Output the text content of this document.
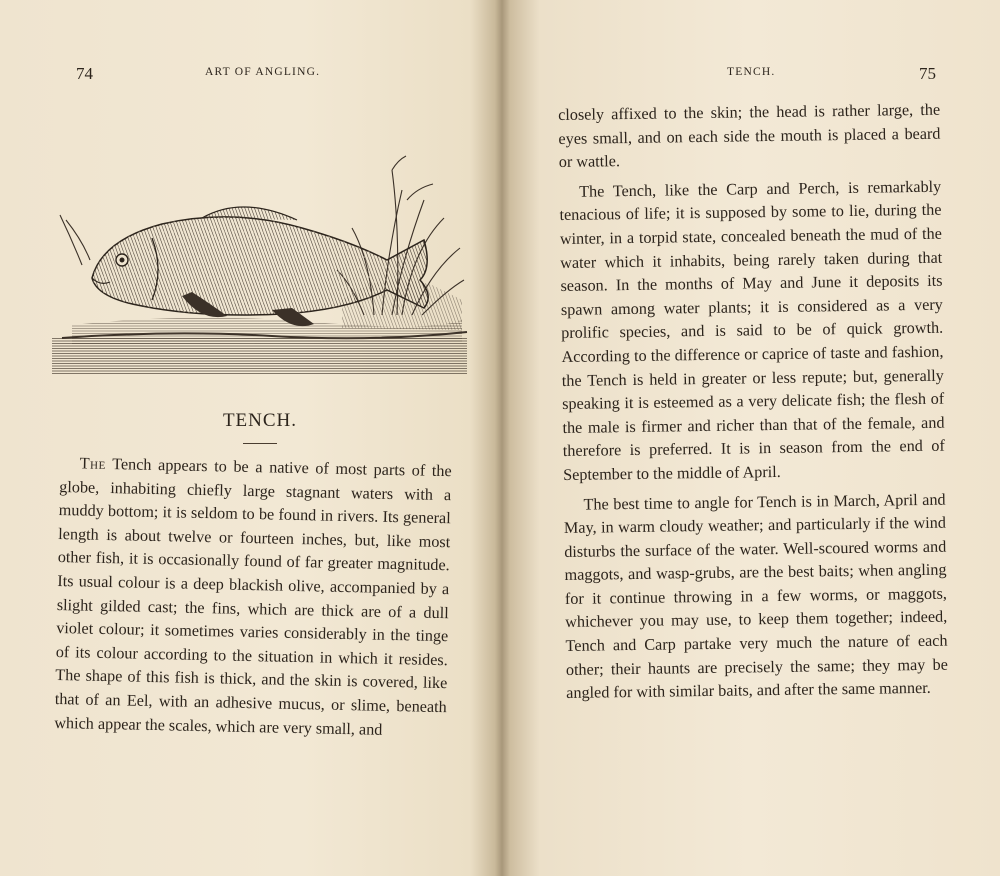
74	ART OF ANGLING.
TENCH.

The Tench appears to be a native of most parts of the globe, inhabiting chiefly large stagnant waters with a muddy bottom; it is seldom to be found in rivers. Its general length is about twelve or fourteen inches, but, like most other fish, it is occasionally found of far greater magnitude. Its usual colour is a deep blackish olive, accompanied by a slight gilded cast; the fins, which are thick are of a dull violet colour; it sometimes varies considerably in the tinge of its colour according to the situation in which it resides. The shape of this fish is thick, and the skin is covered, like that of an Eel, with an adhesive mucus, or slime, beneath which appear the scales, which are very small, and

TENCH.	75

closely affixed to the skin; the head is rather large, the eyes small, and on each side the mouth is placed a beard or wattle.

The Tench, like the Carp and Perch, is remarkably tenacious of life; it is supposed by some to lie, during the winter, in a torpid state, concealed beneath the mud of the water which it inhabits, being rarely taken during that season. In the months of May and June it deposits its spawn among water plants; it is considered as a very prolific species, and is said to be of quick growth. According to the difference or caprice of taste and fashion, the Tench is held in greater or less repute; but, generally speaking it is esteemed as a very delicate fish; the flesh of the male is firmer and richer than that of the female, and therefore is preferred. It is in season from the end of September to the middle of April.

The best time to angle for Tench is in March, April and May, in warm cloudy weather; and particularly if the wind disturbs the surface of the water. Well-scoured worms and maggots, and wasp-grubs, are the best baits; when angling for it continue throwing in a few worms, or maggots, whichever you may use, to keep them together; indeed, Tench and Carp partake very much the nature of each other; their haunts are precisely the same; they may be angled for with similar baits, and after the same manner.
